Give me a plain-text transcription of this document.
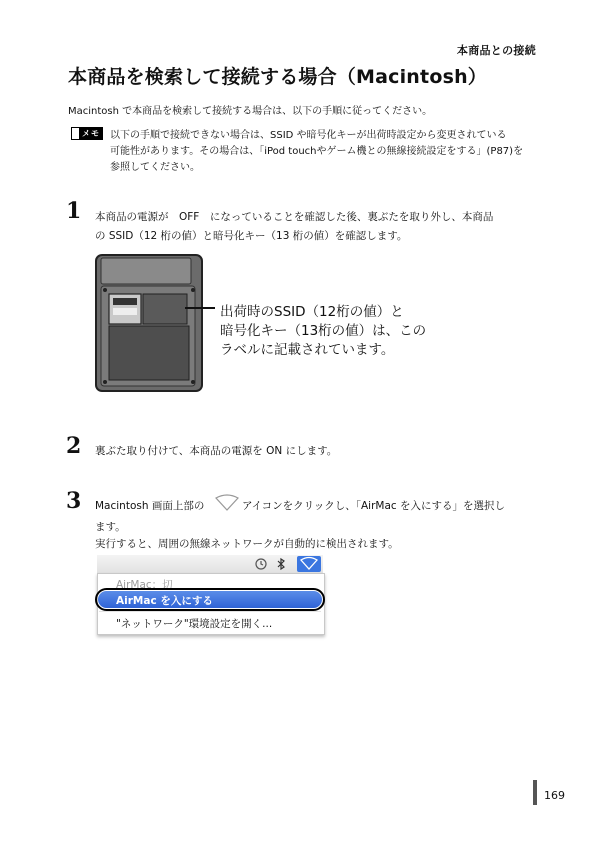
本商品との接続
本商品を検索して接続する場合（Macintosh）
Macintosh で本商品を検索して接続する場合は、以下の手順に従ってください。
メモ 以下の手順で接続できない場合は、SSID や暗号化キーが出荷時設定から変更されている
可能性があります。その場合は、「iPod touchやゲーム機との無線接続設定をする」(P87)を
参照してください。
1 本商品の電源が　OFF　になっていることを確認した後、裏ぶたを取り外し、本商品
の SSID（12 桁の値）と暗号化キー（13 桁の値）を確認します。
出荷時のSSID（12桁の値）と
暗号化キー（13桁の値）は、この
ラベルに記載されています。
2 裏ぶた取り付けて、本商品の電源を ON にします。
3 Macintosh 画面上部の	アイコンをクリックし、「AirMac を入にする」を選択し
ます。
実行すると、周囲の無線ネットワークが自動的に検出されます。
AirMac：切
AirMac を入にする
"ネットワーク"環境設定を開く...
169
